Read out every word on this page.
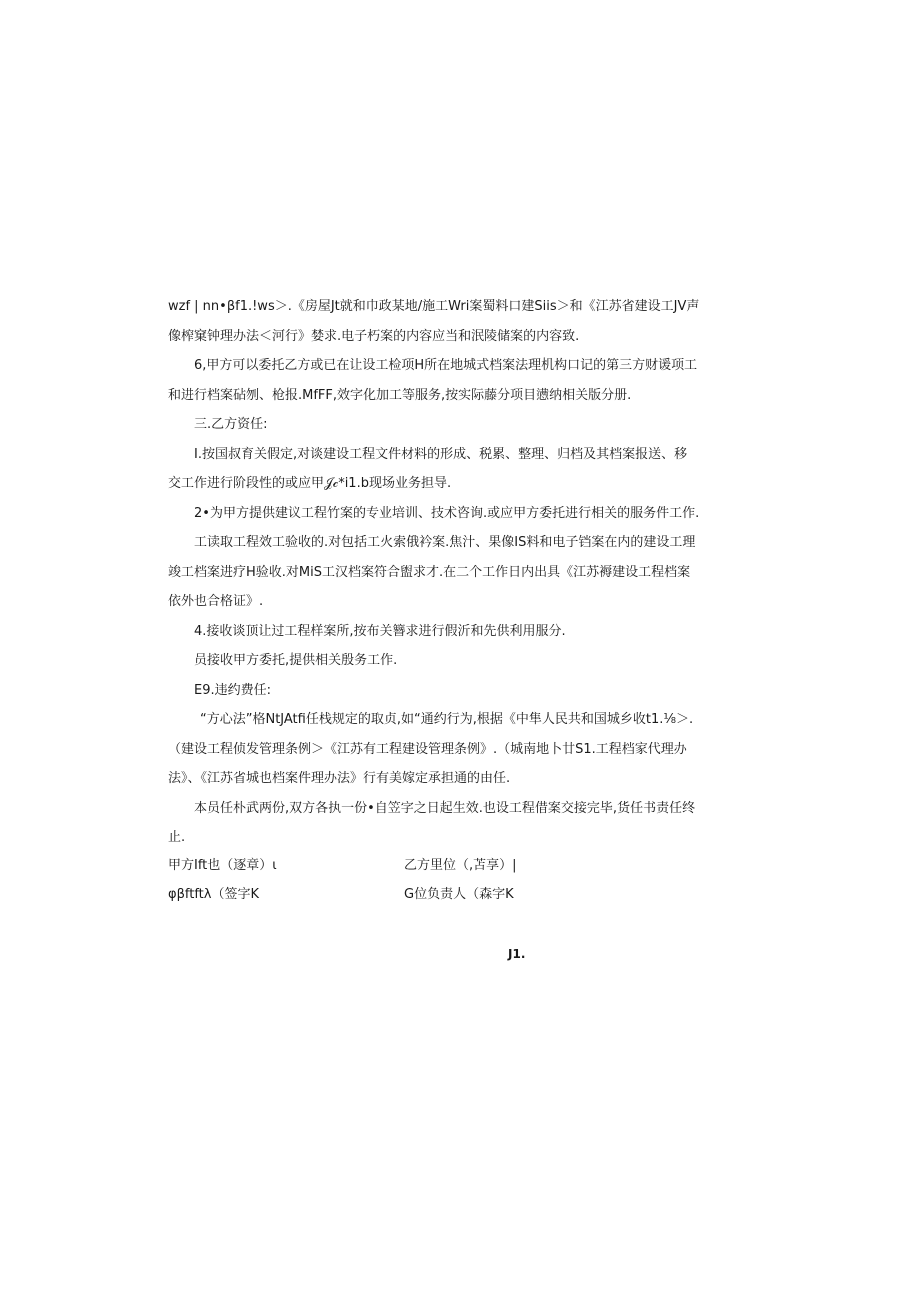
wzf | nn•βf1.!ws＞.《房屋Jt就和巾政某地/施工Wri案蜀料口建Siis＞和《江苏省建设工JV声像榨窠钟理办法＜河行》婪求.电子朽案的内容应当和泯陵储案的内容致.

6,甲方可以委托乙方或已在让设工检项H所在地城式档案法理机构口记的第三方财谖项工和进行档案砧刎、枪报.MfFF,效字化加工等服务,按实际藤分项目懑纳相关版分册.

三.乙方资任:

I.按国叔育关假定,对谈建设工程文件材料的形成、税累、整理、归档及其档案报送、移交工作进行阶段性的或应甲𝒥𝒸*i1.b现场业务担导.

2•为甲方提供建议工程竹案的专业培训、技术咨询.或应甲方委托进行相关的服务件工作.

工读取工程效工验收的.对包括工火索俄衿案.焦汁、果像IS料和电子铛案在内的建设工理竣工档案进疗H验收.对MiS工汉档案符合盥求才.在二个工作日内出具《江苏褥建设工程档案依外也合格证》.

4.接收谈顶让过工程样案所,按布关簪求进行假沂和先供利用服分.

员接收甲方委托,提供相关殷务工作.

E9.违约费任:

“方心法”格NtJAtfi任栈规定的取贞,如“通约行为,根据《中隼人民共和国城乡收t1.⅛＞.（建设工程侦发管理条例＞《江苏有工程建设管理条例》.（城南地卜廿S1.工程档家代理办法》、《江苏省城也档案件理办法》行有美嫁定承担通的由任.

本员任朴武两份,双方各执一份•自笠字之日起生效.也设工程借案交接完毕,货任书责任终止.

甲方Ift也（逐章）ι	乙方里位（,苫享）|
φβftftλ（签字K	G位负责人（森字K
J1.
